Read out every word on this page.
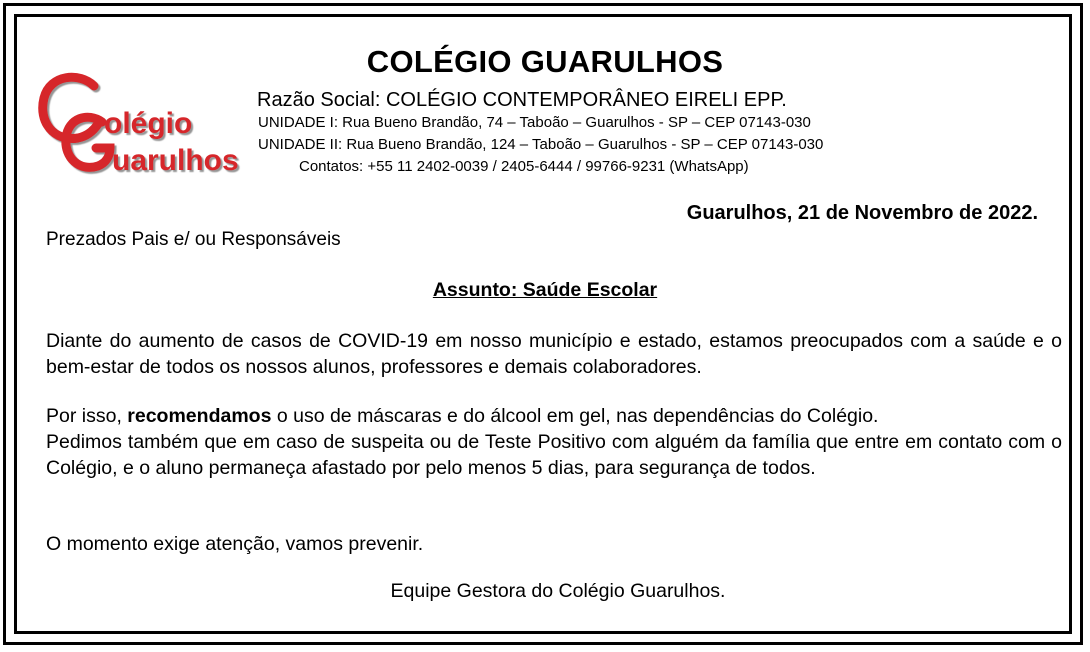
olégio
uarulhos
COLÉGIO GUARULHOS
Razão Social: COLÉGIO CONTEMPORÂNEO EIRELI EPP.
UNIDADE I: Rua Bueno Brandão, 74 – Taboão – Guarulhos - SP – CEP 07143-030
UNIDADE II: Rua Bueno Brandão, 124 – Taboão – Guarulhos - SP – CEP 07143-030
Contatos: +55 11 2402-0039 / 2405-6444 / 99766-9231 (WhatsApp)
Guarulhos, 21 de Novembro de 2022.
Prezados Pais e/ ou Responsáveis
Assunto: Saúde Escolar
Diante do aumento de casos de COVID-19 em nosso município e estado, estamos preocupados com a saúde e o bem-estar de todos os nossos alunos, professores e demais colaboradores.
Por isso, recomendamos o uso de máscaras e do álcool em gel, nas dependências do Colégio.

Pedimos também que em caso de suspeita ou de Teste Positivo com alguém da família que entre em contato com o Colégio, e o aluno permaneça afastado por pelo menos 5 dias, para segurança de todos.
O momento exige atenção, vamos prevenir.
Equipe Gestora do Colégio Guarulhos.
